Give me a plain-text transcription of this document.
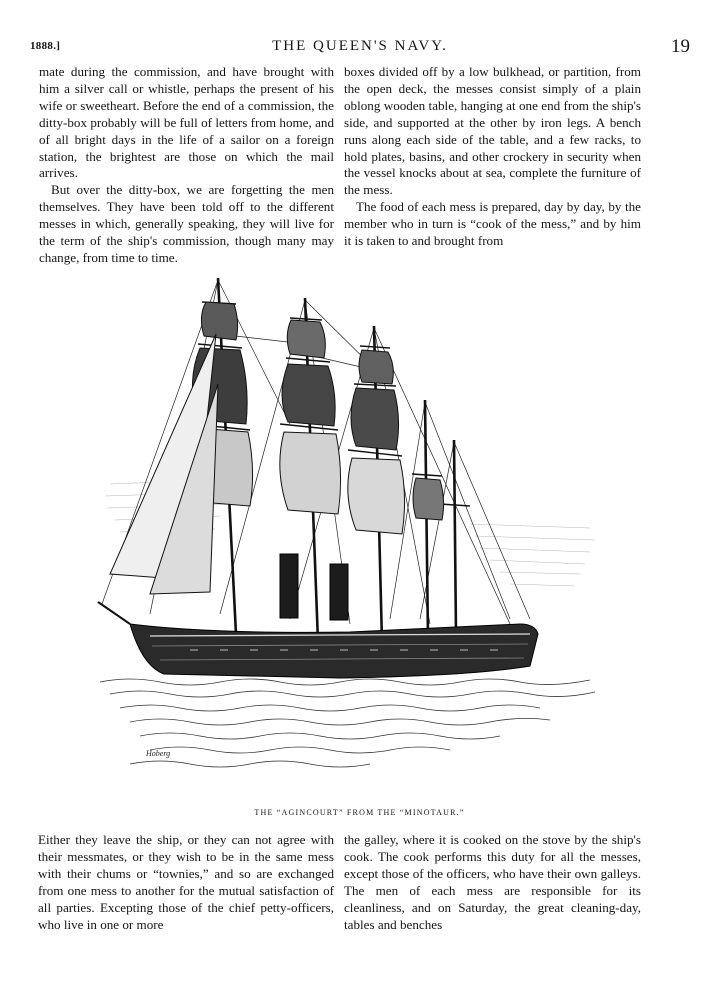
1888.]	THE QUEEN'S NAVY.	19

mate during the commission, and have brought with him a silver call or whistle, perhaps the present of his wife or sweetheart. Before the end of a commission, the ditty-box probably will be full of letters from home, and of all bright days in the life of a sailor on a foreign station, the brightest are those on which the mail arrives.

But over the ditty-box, we are forgetting the men themselves. They have been told off to the different messes in which, generally speaking, they will live for the term of the ship's commission, though many may change, from time to time.

boxes divided off by a low bulkhead, or partition, from the open deck, the messes consist simply of a plain oblong wooden table, hanging at one end from the ship's side, and supported at the other by iron legs. A bench runs along each side of the table, and a few racks, to hold plates, basins, and other crockery in security when the vessel knocks about at sea, complete the furniture of the mess.

The food of each mess is prepared, day by day, by the member who in turn is “cook of the mess,” and by him it is taken to and brought from

Hoberg
THE “AGINCOURT” FROM THE “MINOTAUR.”

Either they leave the ship, or they can not agree with their messmates, or they wish to be in the same mess with their chums or “townies,” and so are exchanged from one mess to another for the mutual satisfaction of all parties. Excepting those of the chief petty-officers, who live in one or more

the galley, where it is cooked on the stove by the ship's cook. The cook performs this duty for all the messes, except those of the officers, who have their own galleys. The men of each mess are responsible for its cleanliness, and on Saturday, the great cleaning-day, tables and benches
